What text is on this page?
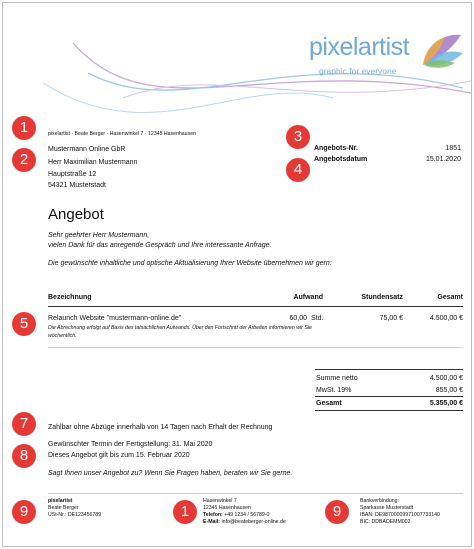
pixelartist
graphic for everyone
1
2
3
4
5
7
8
9	1	9
pixelartist · Beate Berger · Hasenwinkel 7 · 12345 Hasenhausen
Mustermann Online GbR
Herr Maximilian Mustermann
Hauptstraße 12
54321 Musterstadt
Angebots-Nr.	1851
Angebotsdatum	15.01.2020
Angebot
Sehr geehrter Herr Mustermann,
vielen Dank für das anregende Gespräch und Ihre interessante Anfrage.
Die gewünschte inhaltliche und optische Aktualisierung Ihrer Website übernehmen wir gern:
Bezeichnung	Aufwand	Stundensatz	Gesamt
Relaunch Website "mustermann-online.de"	60,00 Std.	75,00 €	4.500,00 €
Die Abrechnung erfolgt auf Basis des tatsächlichen Aufwands. Über den Fortschritt der Arbeiten informieren wir Sie
wöchentlich.
Summe netto	4.500,00 €
MwSt. 19%	855,00 €
Gesamt	5.355,00 €
Zahlbar ohne Abzüge innerhalb von 14 Tagen nach Erhalt der Rechnung
Gewünschter Termin der Fertigstellung: 31. Mai 2020
Dieses Angebot gilt bis zum 15. Februar 2020
Sagt Ihnen unser Angebot zu? Wenn Sie Fragen haben, beraten wir Sie gerne.
pixelartist
Beate Berger
USt-Nr.: DE123456789
Hasenwinkel 7
12345 Hasenhausen
Telefon: +49 1234 / 56789-0
E-Mail: info@beateberger-online.de
Bankverbindung:
Sparkasse Musterstadt
IBAN: DE98700009971007733140
BIC: DDBADEMM002
